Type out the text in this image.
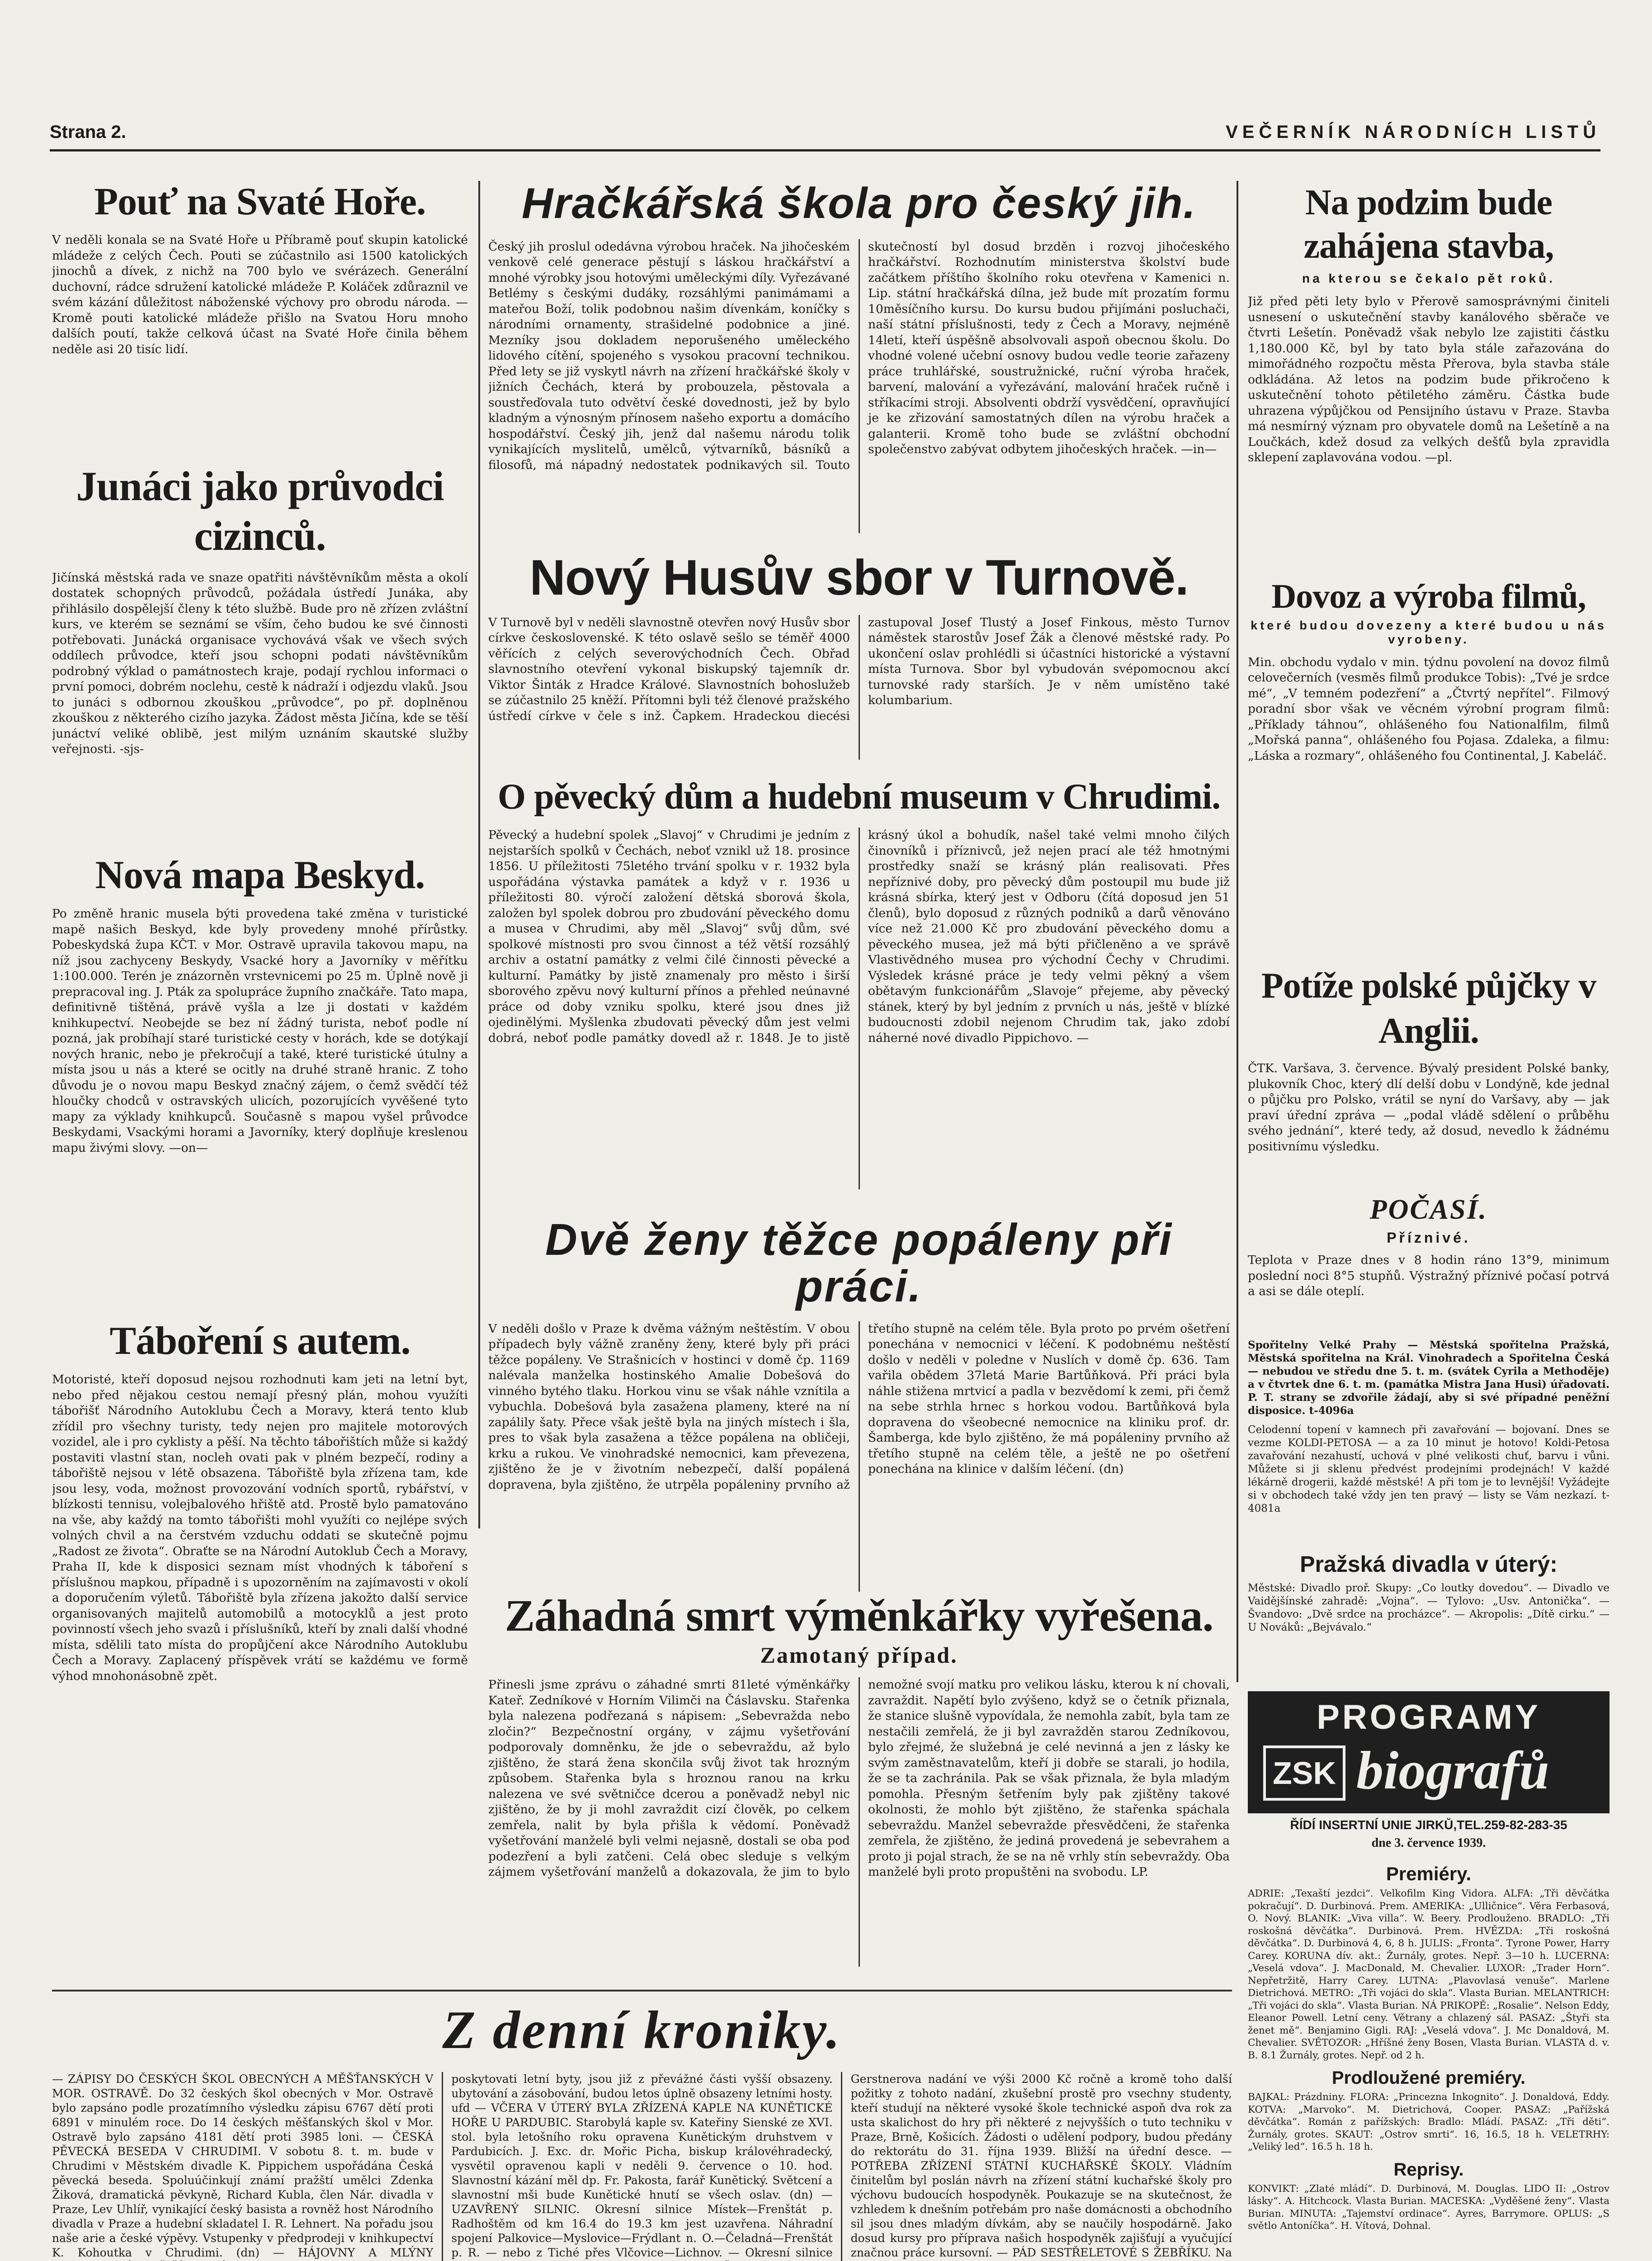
Strana 2.	VEČERNÍK NÁRODNÍCH LISTŮ
Pouť na Svaté Hoře.
V neděli konala se na Svaté Hoře u Příbramě pouť skupin katolické mládeže z celých Čech. Pouti se zúčastnilo asi 1500 katolických jinochů a dívek, z nichž na 700 bylo ve svérázech. Generální duchovní, rádce sdružení katolické mládeže P. Koláček zdůraznil ve svém kázání důležitost náboženské výchovy pro obrodu národa. — Kromě pouti katolické mládeže přišlo na Svatou Horu mnoho dalších poutí, takže celková účast na Svaté Hoře činila během neděle asi 20 tisíc lidí.
Junáci jako průvodci cizinců.
Jičínská městská rada ve snaze opatřiti návštěvníkům města a okolí dostatek schopných průvodců, požádala ústředí Junáka, aby přihlásilo dospělejší členy k této službě. Bude pro ně zřízen zvláštní kurs, ve kterém se seznámí se vším, čeho budou ke své činnosti potřebovati. Junácká organisace vychovává však ve všech svých oddílech průvodce, kteří jsou schopni podati návštěvníkům podrobný výklad o památnostech kraje, podají rychlou informaci o první pomoci, dobrém noclehu, cestě k nádraží i odjezdu vlaků. Jsou to junáci s odbornou zkouškou „průvodce“, po př. doplněnou zkouškou z některého cizího jazyka. Žádost města Jičína, kde se těší junáctví veliké oblibě, jest milým uznáním skautské služby veřejnosti. -sjs-
Nová mapa Beskyd.
Po změně hranic musela býti provedena také změna v turistické mapě našich Beskyd, kde byly provedeny mnohé přírůstky. Pobeskydská župa KČT. v Mor. Ostravě upravila takovou mapu, na níž jsou zachyceny Beskydy, Vsacké hory a Javorníky v měřítku 1:100.000. Terén je znázorněn vrstevnicemi po 25 m. Úplně nově ji prepracoval ing. J. Pták za spolupráce župního značkáře. Tato mapa, definitivně tištěná, právě vyšla a lze ji dostati v každém knihkupectví. Neobejde se bez ní žádný turista, neboť podle ní pozná, jak probíhají staré turistické cesty v horách, kde se dotýkají nových hranic, nebo je překročují a také, které turistické útulny a místa jsou u nás a které se ocitly na druhé straně hranic. Z toho důvodu je o novou mapu Beskyd značný zájem, o čemž svědčí též hloučky chodců v ostravských ulicích, pozorujících vyvěšené tyto mapy za výklady knihkupců. Současně s mapou vyšel průvodce Beskydami, Vsackými horami a Javorníky, který doplňuje kreslenou mapu živými slovy. —on—
Táboření s autem.
Motoristé, kteří doposud nejsou rozhodnuti kam jeti na letní byt, nebo před nějakou cestou nemají přesný plán, mohou využíti tábořišť Národního Autoklubu Čech a Moravy, která tento klub zřídil pro všechny turisty, tedy nejen pro majitele motorových vozidel, ale i pro cyklisty a pěší. Na těchto tábořištích může si každý postaviti vlastní stan, nocleh ovati pak v plném bezpečí, rodiny a tábořiště nejsou v létě obsazena. Tábořiště byla zřízena tam, kde jsou lesy, voda, možnost provozování vodních sportů, rybářství, v blízkosti tennisu, volejbalového hřiště atd. Prostě bylo pamatováno na vše, aby každý na tomto tábořišti mohl využíti co nejlépe svých volných chvil a na čerstvém vzduchu oddati se skutečně pojmu „Radost ze života“. Obraťte se na Národní Autoklub Čech a Moravy, Praha II, kde k disposici seznam míst vhodných k táboření s příslušnou mapkou, případně i s upozorněním na zajímavosti v okolí a doporučením výletů. Tábořiště byla zřízena jakožto další service organisovaných majitelů automobilů a motocyklů a jest proto povinností všech jeho svazů i příslušníků, kteří by znali další vhodné místa, sdělili tato místa do propůjčení akce Národního Autoklubu Čech a Moravy. Zaplacený příspěvek vrátí se každému ve formě výhod mnohonásobně zpět.
Hračkářská škola pro český jih.
Český jih proslul odedávna výrobou hraček. Na jihočeském venkově celé generace pěstují s láskou hračkářství a mnohé výrobky jsou hotovými uměleckými díly. Vyřezávané Betlémy s českými dudáky, rozsáhlými panimámami a mateřou Boží, tolik podobnou našim dívenkám, koníčky s národními ornamenty, strašidelné podobnice a jiné. Mezníky jsou dokladem neporušeného uměleckého lidového cítění, spojeného s vysokou pracovní technikou. Před lety se již vyskytl návrh na zřízení hračkářské školy v jižních Čechách, která by probouzela, pěstovala a soustřeďovala tuto odvětví české dovednosti, jež by bylo kladným a výnosným přínosem našeho exportu a domácího hospodářství. Český jih, jenž dal našemu národu tolik vynikajících myslitelů, umělců, výtvarníků, básníků a filosofů, má nápadný nedostatek podnikavých sil. Touto skutečností byl dosud brzděn i rozvoj jihočeského hračkářství. Rozhodnutím ministerstva školství bude začátkem příštího školního roku otevřena v Kamenici n. Lip. státní hračkářská dílna, jež bude mít prozatím formu 10měsíčního kursu. Do kursu budou přijímáni posluchači, naší státní příslušnosti, tedy z Čech a Moravy, nejméně 14letí, kteří úspěšně absolvovali aspoň obecnou školu. Do vhodné volené učební osnovy budou vedle teorie zařazeny práce truhlářské, soustružnické, ruční výroba hraček, barvení, malování a vyřezávání, malování hraček ručně i stříkacími stroji. Absolventi obdrží vysvědčení, opravňující je ke zřizování samostatných dílen na výrobu hraček a galanterii. Kromě toho bude se zvláštní obchodní společenstvo zabývat odbytem jihočeských hraček. —in—
Nový Husův sbor v Turnově.
V Turnově byl v neděli slavnostně otevřen nový Husův sbor církve československé. K této oslavě sešlo se téměř 4000 věřících z celých severovýchodních Čech. Obřad slavnostního otevření vykonal biskupský tajemník dr. Viktor Šinták z Hradce Králové. Slavnostních bohoslužeb se zúčastnilo 25 kněží. Přítomni byli též členové pražského ústředí církve v čele s inž. Čapkem. Hradeckou diecési zastupoval Josef Tlustý a Josef Finkous, město Turnov náměstek starostův Josef Žák a členové městské rady. Po ukončení oslav prohlédli si účastníci historické a výstavní místa Turnova. Sbor byl vybudován svépomocnou akcí turnovské rady starších. Je v něm umístěno také kolumbarium.
O pěvecký dům a hudební museum v Chrudimi.
Pěvecký a hudební spolek „Slavoj“ v Chrudimi je jedním z nejstarších spolků v Čechách, neboť vznikl už 18. prosince 1856. U příležitosti 75letého trvání spolku v r. 1932 byla uspořádána výstavka památek a když v r. 1936 u příležitosti 80. výročí založení dětská sborová škola, založen byl spolek dobrou pro zbudování pěveckého domu a musea v Chrudimi, aby měl „Slavoj“ svůj dům, své spolkové místnosti pro svou činnost a též větší rozsáhlý archiv a ostatní památky z velmi čilé činnosti pěvecké a kulturní. Památky by jistě znamenaly pro město i širší sborového zpěvu nový kulturní přínos a přehled neúnavné práce od doby vzniku spolku, které jsou dnes již ojedinělými. Myšlenka zbudovati pěvecký dům jest velmi dobrá, neboť podle památky dovedl až r. 1848. Je to jistě krásný úkol a bohudík, našel také velmi mnoho čilých činovníků i příznivců, jež nejen prací ale též hmotnými prostředky snaží se krásný plán realisovati. Přes nepříznivé doby, pro pěvecký dům postoupil mu bude již krásná sbírka, který jest v Odboru (čítá doposud jen 51 členů), bylo doposud z různých podniků a darů věnováno více než 21.000 Kč pro zbudování pěveckého domu a pěveckého musea, jež má býti přičleněno a ve správě Vlastivědného musea pro východní Čechy v Chrudimi. Výsledek krásné práce je tedy velmi pěkný a všem obětavým funkcionářům „Slavoje“ přejeme, aby pěvecký stánek, který by byl jedním z prvních u nás, ještě v blízké budoucnosti zdobil nejenom Chrudim tak, jako zdobí náherné nové divadlo Pippichovo. —
Dvě ženy těžce popáleny při práci.
V neděli došlo v Praze k dvěma vážným neštěstím. V obou případech byly vážně zraněny ženy, které byly při práci těžce popáleny. Ve Strašnicích v hostinci v domě čp. 1169 nalévala manželka hostinského Amalie Dobešová do vinného bytého tlaku. Horkou vinu se však náhle vznítila a vybuchla. Dobešová byla zasažena plameny, které na ní zapálily šaty. Přece však ještě byla na jiných místech i šla, pres to však byla zasažena a těžce popálena na obličeji, krku a rukou. Ve vinohradské nemocnici, kam převezena, zjištěno že je v životním nebezpečí, další popálená dopravena, byla zjištěno, že utrpěla popáleniny prvního až třetího stupně na celém těle. Byla proto po prvém ošetření ponechána v nemocnici v léčení. K podobnému neštěstí došlo v neděli v poledne v Nuslích v domě čp. 636. Tam vařila obědem 37letá Marie Bartůňková. Při práci byla náhle stižena mrtvicí a padla v bezvědomí k zemi, při čemž na sebe strhla hrnec s horkou vodou. Bartůňková byla dopravena do všeobecné nemocnice na kliniku prof. dr. Šamberga, kde bylo zjištěno, že má popáleniny prvního až třetího stupně na celém těle, a ještě ne po ošetření ponechána na klinice v dalším léčení. (dn)
Záhadná smrt výměnkářky vyřešena.
Zamotaný případ.
Přinesli jsme zprávu o záhadné smrti 81leté výměnkářky Kateř. Zedníkové v Horním Vilimči na Čáslavsku. Stařenka byla nalezena podřezaná s nápisem: „Sebevražda nebo zločin?“ Bezpečnostní orgány, v zájmu vyšetřování podporovaly domněnku, že jde o sebevraždu, až bylo zjištěno, že stará žena skončila svůj život tak hrozným způsobem. Stařenka byla s hroznou ranou na krku nalezena ve své světničce dcerou a poněvadž nebyl nic zjištěno, že by ji mohl zavraždit cizí člověk, po celkem zemřela, nalit by byla přišla k vědomí. Poněvadž vyšetřování manželé byli velmi nejasně, dostali se oba pod podezření a byli zatčeni. Celá obec sleduje s velkým zájmem vyšetřování manželů a dokazovala, že jim to bylo nemožné svojí matku pro velikou lásku, kterou k ní chovali, zavraždit. Napětí bylo zvýšeno, když se o četník přiznala, že stanice slušně vypovídala, že nemohla zabít, byla tam ze nestačili zemřelá, že ji byl zavražděn starou Zedníkovou, bylo zřejmé, že služebná je celé nevinná a jen z lásky ke svým zaměstnavatelům, kteří ji dobře se starali, jo hodila, že se ta zachránila. Pak se však přiznala, že byla mladým pomohla. Přesným šetřením byly pak zjištěny takové okolnosti, že mohlo být zjištěno, že stařenka spáchala sebevraždu. Manžel sebevražde přesvědčeni, že stařenka zemřela, že zjištěno, že jediná provedená je sebevrahem a proto ji pojal strach, že se na ně vrhly stín sebevraždy. Oba manželé byli proto propuštěni na svobodu. LP.
Z denní kroniky.
— ZÁPISY DO ČESKÝCH ŠKOL OBECNÝCH A MĚŠŤANSKÝCH V MOR. OSTRAVĚ. Do 32 českých škol obecných v Mor. Ostravě bylo zapsáno podle prozatímního výsledku zápisu 6767 dětí proti 6891 v minulém roce. Do 14 českých měšťanských škol v Mor. Ostravě bylo zapsáno 4181 dětí proti 3985 loni. — ČESKÁ PĚVECKÁ BESEDA V CHRUDIMI. V sobotu 8. t. m. bude v Chrudimi v Městském divadle K. Pippichem uspořádána Česká pěvecká beseda. Spoluúčinkují známí pražští umělci Zdenka Žiková, dramatická pěvkyně, Richard Kubla, člen Nár. divadla v Praze, Lev Uhlíř, vynikající český basista a rovněž host Národního divadla v Praze a hudební skladatel I. R. Lehnert. Na pořadu jsou naše arie a české výpěvy. Vstupenky v předprodeji v knihkupectví K. Kohoutka v Chrudimi. (dn) — HÁJOVNY A MLÝNY poskytovati letní byty, jsou již z převážné části vyšší obsazeny. ubytování a zásobování, budou letos úplně obsazeny letními hosty. ufd — VČERA V ÚTERÝ BYLA ZŘÍZENÁ KAPLE NA KUNĚTICKÉ HOŘE U PARDUBIC. Starobylá kaple sv. Kateřiny Sienské ze XVI. stol. byla letošního roku opravena Kunětickým druhstvem v Pardubicích. J. Exc. dr. Mořic Picha, biskup královéhradecký, vysvětil opravenou kapli v neděli 9. července o 10. hod. Slavnostní kázání měl dp. Fr. Pakosta, farář Kunětický. Světcení a slavnostní mši bude Kunětické hnutí se všech oslav. (dn) — UZAVŘENÝ SILNIC. Okresní silnice Místek—Frenštát p. Radhoštěm od km 16.4 do 19.3 km jest uzavřena. Náhradní spojení Palkovice—Myslovice—Frýdlant n. O.—Čeladná—Frenštát p. R. — nebo z Tiché přes Vlčovice—Lichnov. — Okresní silnice Gerstnerova nadání ve výši 2000 Kč ročně a kromě toho další požitky z tohoto nadání, zkušební prostě pro vsechny studenty, kteří studují na některé vysoké škole technické aspoň dva rok za usta skalichost do hry při některé z nejvyšších o tuto techniku v Praze, Brně, Košicích. Žádosti o udělení podpory, budou předány do rektorátu do 31. října 1939. Bližší na úřední desce. — POTŘEBA ZŘÍZENÍ STÁTNÍ KUCHAŘSKÉ ŠKOLY. Vládním činitelům byl poslán návrh na zřízení státní kuchařské školy pro výchovu budoucích hospodyněk. Poukazuje se na skutečnost, že vzhledem k dnešním potřebám pro naše domácnosti a obchodního sil jsou dnes mladým dívkám, aby se naučily hospodárně. Jako dosud kursy pro příprava našich hospodyněk zajišťují a vyučující značnou práce kursovní. — PÁD SESTŘELETOVÉ S ŽEBŘÍKU. Na
Na podzim bude zahájena stavba,
na kterou se čekalo pět roků.
Již před pěti lety bylo v Přerově samosprávnými činiteli usnesení o uskutečnění stavby kanálového sběrače ve čtvrti Lešetín. Poněvadž však nebylo lze zajistiti částku 1,180.000 Kč, byl by tato byla stále zařazována do mimořádného rozpočtu města Přerova, byla stavba stále odkládána. Až letos na podzim bude přikročeno k uskutečnění tohoto pětiletého záměru. Částka bude uhrazena výpůjčkou od Pensijního ústavu v Praze. Stavba má nesmírný význam pro obyvatele domů na Lešetíně a na Loučkách, kdež dosud za velkých dešťů byla zpravidla sklepení zaplavována vodou. —pl.
Dovoz a výroba filmů,
které budou dovezeny a které budou u nás vyrobeny.
Min. obchodu vydalo v min. týdnu povolení na dovoz filmů celovečerních (vesměs filmů produkce Tobis): „Tvé je srdce mé“, „V temném podezření“ a „Čtvrtý nepřítel“. Filmový poradní sbor však ve věcném výrobní program filmů: „Příklady táhnou“, ohlášeného fou Nationalfilm, filmů „Mořská panna“, ohlášeného fou Pojasa. Zdaleka, a filmu: „Láska a rozmary“, ohlášeného fou Continental, J. Kabeláč.
Potíže polské půjčky v Anglii.
ČTK. Varšava, 3. července. Bývalý president Polské banky, plukovník Choc, který dlí delší dobu v Londýně, kde jednal o půjčku pro Polsko, vrátil se nyní do Varšavy, aby — jak praví úřední zpráva — „podal vládě sdělení o průběhu svého jednání“, které tedy, až dosud, nevedlo k žádnému positivnímu výsledku.
POČASÍ.
Příznivé.
Teplota v Praze dnes v 8 hodin ráno 13°9, minimum poslední noci 8°5 stupňů. Výstražný příznivé počasí potrvá a asi se dále oteplí.
Spořitelny Velké Prahy — Městská spořitelna Pražská, Městská spořitelna na Král. Vinohradech a Spořitelna Česká — nebudou ve středu dne 5. t. m. (svátek Cyrila a Methoděje) a v čtvrtek dne 6. t. m. (památka Mistra Jana Husi) úřadovati. P. T. strany se zdvořile žádají, aby si své případné peněžní disposice. t-4096a
Celodenní topení v kamnech při zavařování — bojovaní. Dnes se vezme KOLDI-PETOSA — a za 10 minut je hotovo! Koldi-Petosa zavařování nezahustí, uchová v plné velikosti chuť, barvu i vůni. Můžete si ji sklenu předvést prodejními prodejnách! V každé lékárně drogerii, každé městské! A při tom je to levnější! Vyžádejte si v obchodech také vždy jen ten pravý — listy se Vám nezkazí. t-4081a
Pražská divadla v úterý:
Městské: Divadlo proř. Skupy: „Co loutky dovedou“. — Divadlo ve Vaidějšínské zahradě: „Vojna“. — Tylovo: „Usv. Antonička“. — Švandovo: „Dvě srdce na procházce“. — Akropolis: „Dítě cirku.“ — U Nováků: „Bejvávalo.“
PROGRAMY
ZSK biografů
ŘÍDÍ INSERTNÍ UNIE JIRKŮ,TEL.259-82-283-35
dne 3. července 1939.
Premiéry.
ADRIE: „Texaští jezdci“. Velkofilm King Vidora. ALFA: „Tři děvčátka pokračují“. D. Durbinová. Prem. AMERIKA: „Ulličnice“. Věra Ferbasová, O. Nový. BLANIK: „Viva villa“. W. Beery. Prodlouženo. BRADLO: „Tři roskošná děvčátka“. Durbinová. Prem. HVĚZDA: „Tři roskošná děvčátka“. D. Durbinová 4, 6, 8 h. JULIS: „Fronta“. Tyrone Power, Harry Carey. KORUNA dív. akt.: Žurnály, grotes. Nepř. 3—10 h. LUCERNA: „Veselá vdova“. J. MacDonald, M. Chevalier. LUXOR: „Trader Horn“. Nepřetržitě, Harry Carey. LUTNA: „Plavovlasá venuše“. Marlene Dietrichová. METRO: „Tři vojáci do skla“. Vlasta Burian. MELANTRICH: „Tři vojáci do skla“. Vlasta Burian. NÁ PRIKOPĚ: „Rosalie“. Nelson Eddy, Eleanor Powell. Letní ceny. Větrany a chlazený sál. PASAZ: „Štyři sta ženet mě“. Benjamino Gigli. RAJ: „Veselá vdova“. J. Mc Donaldová, M. Chevalier. SVĚTOZOR: „Hříšné ženy Bosen, Vlasta Burian. VLASTA d. v. B. 8.1 Žurnály, grotes. Nepř. od 2 h.
Prodloužené premiéry.
BAJKAL: Prázdniny. FLORA: „Princezna Inkognito“. J. Donaldová, Eddy. KOTVA: „Marvoko“. M. Dietrichová, Cooper. PASAZ: „Pařížská děvčátka“. Román z pařížských: Bradlo: Mládí. PASAZ: „Tři děti“. Žurnály, grotes. SKAUT: „Ostrov smrti“. 16, 16.5, 18 h. VELETRHY: „Veliký led“. 16.5 h. 18 h.
Reprisy.
KONVIKT: „Zlaté mládí“. D. Durbinová, M. Douglas. LIDO II: „Ostrov lásky“. A. Hitchcock. Vlasta Burian. MACESKA: „Vyděšené ženy“. Vlasta Burian. MINUTA: „Tajemství ordinace“. Ayres, Barrymore. OPLUS: „S světlo Antoníčka“. H. Vítová, Dohnal.
